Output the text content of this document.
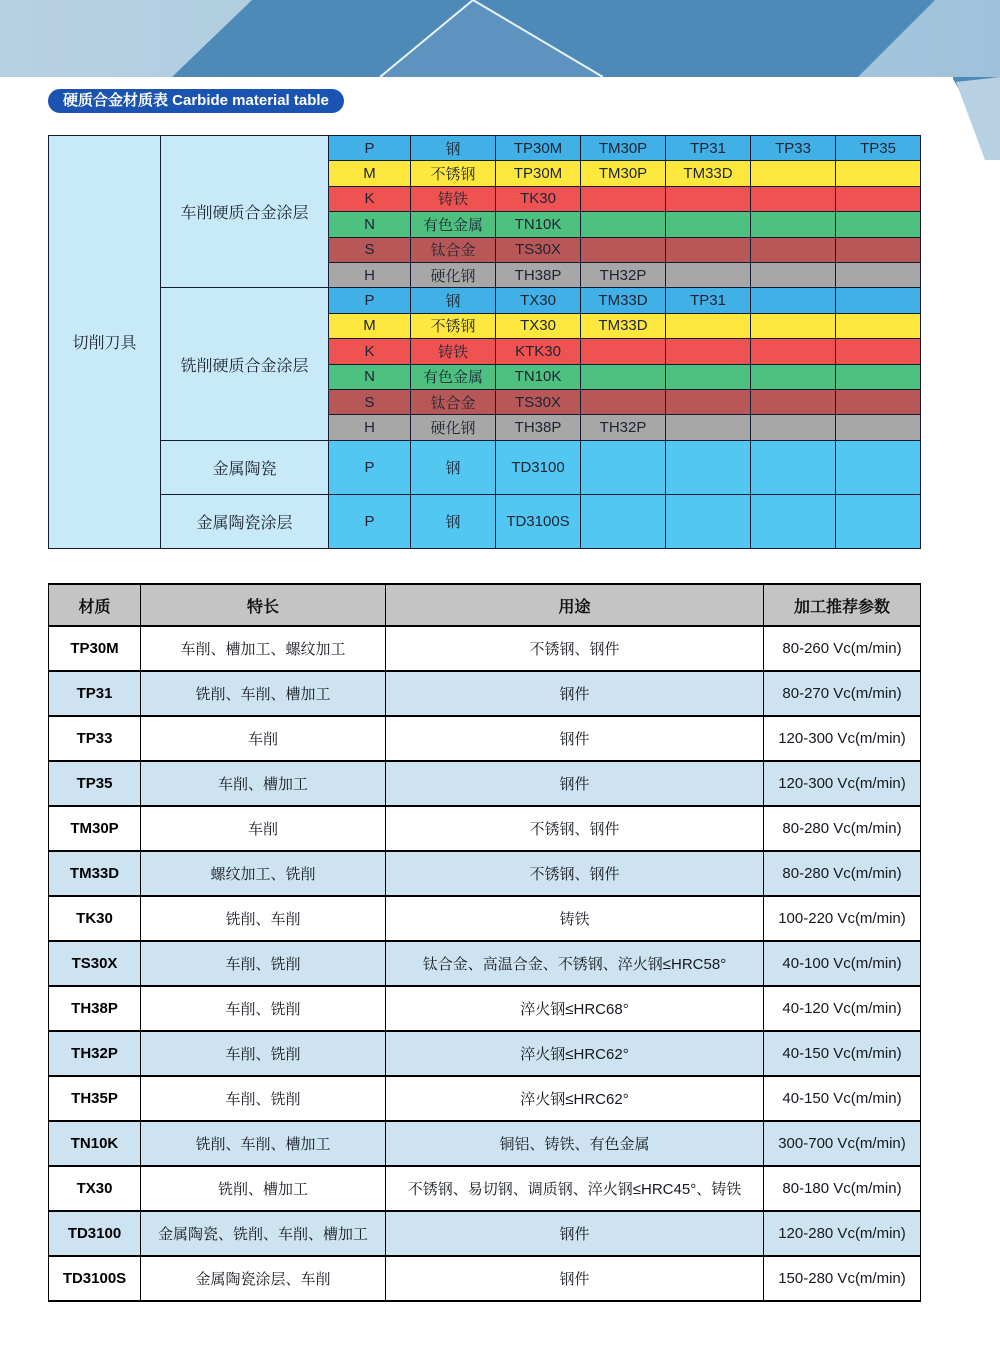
硬质合金材质表 Carbide material table
切削刀具	车削硬质合金涂层	P	钢	TP30M	TM30P	TP31	TP33	TP35
		M	不锈钢	TP30M	TM30P	TM33D		
		K	铸铁	TK30				
		N	有色金属	TN10K				
		S	钛合金	TS30X				
		H	硬化钢	TH38P	TH32P			
	铣削硬质合金涂层	P	钢	TX30	TM33D	TP31		
		M	不锈钢	TX30	TM33D			
		K	铸铁	KTK30				
		N	有色金属	TN10K				
		S	钛合金	TS30X				
		H	硬化钢	TH38P	TH32P			
	金属陶瓷	P	钢	TD3100				
	金属陶瓷涂层	P	钢	TD3100S				
材质	特长	用途	加工推荐参数
TP30M	车削、槽加工、螺纹加工	不锈钢、钢件	80-260 Vc(m/min)
TP31	铣削、车削、槽加工	钢件	80-270 Vc(m/min)
TP33	车削	钢件	120-300 Vc(m/min)
TP35	车削、槽加工	钢件	120-300 Vc(m/min)
TM30P	车削	不锈钢、钢件	80-280 Vc(m/min)
TM33D	螺纹加工、铣削	不锈钢、钢件	80-280 Vc(m/min)
TK30	铣削、车削	铸铁	100-220 Vc(m/min)
TS30X	车削、铣削	钛合金、高温合金、不锈钢、淬火钢≤HRC58°	40-100 Vc(m/min)
TH38P	车削、铣削	淬火钢≤HRC68°	40-120 Vc(m/min)
TH32P	车削、铣削	淬火钢≤HRC62°	40-150 Vc(m/min)
TH35P	车削、铣削	淬火钢≤HRC62°	40-150 Vc(m/min)
TN10K	铣削、车削、槽加工	铜铝、铸铁、有色金属	300-700 Vc(m/min)
TX30	铣削、槽加工	不锈钢、易切钢、调质钢、淬火钢≤HRC45°、铸铁	80-180 Vc(m/min)
TD3100	金属陶瓷、铣削、车削、槽加工	钢件	120-280 Vc(m/min)
TD3100S	金属陶瓷涂层、车削	钢件	150-280 Vc(m/min)
